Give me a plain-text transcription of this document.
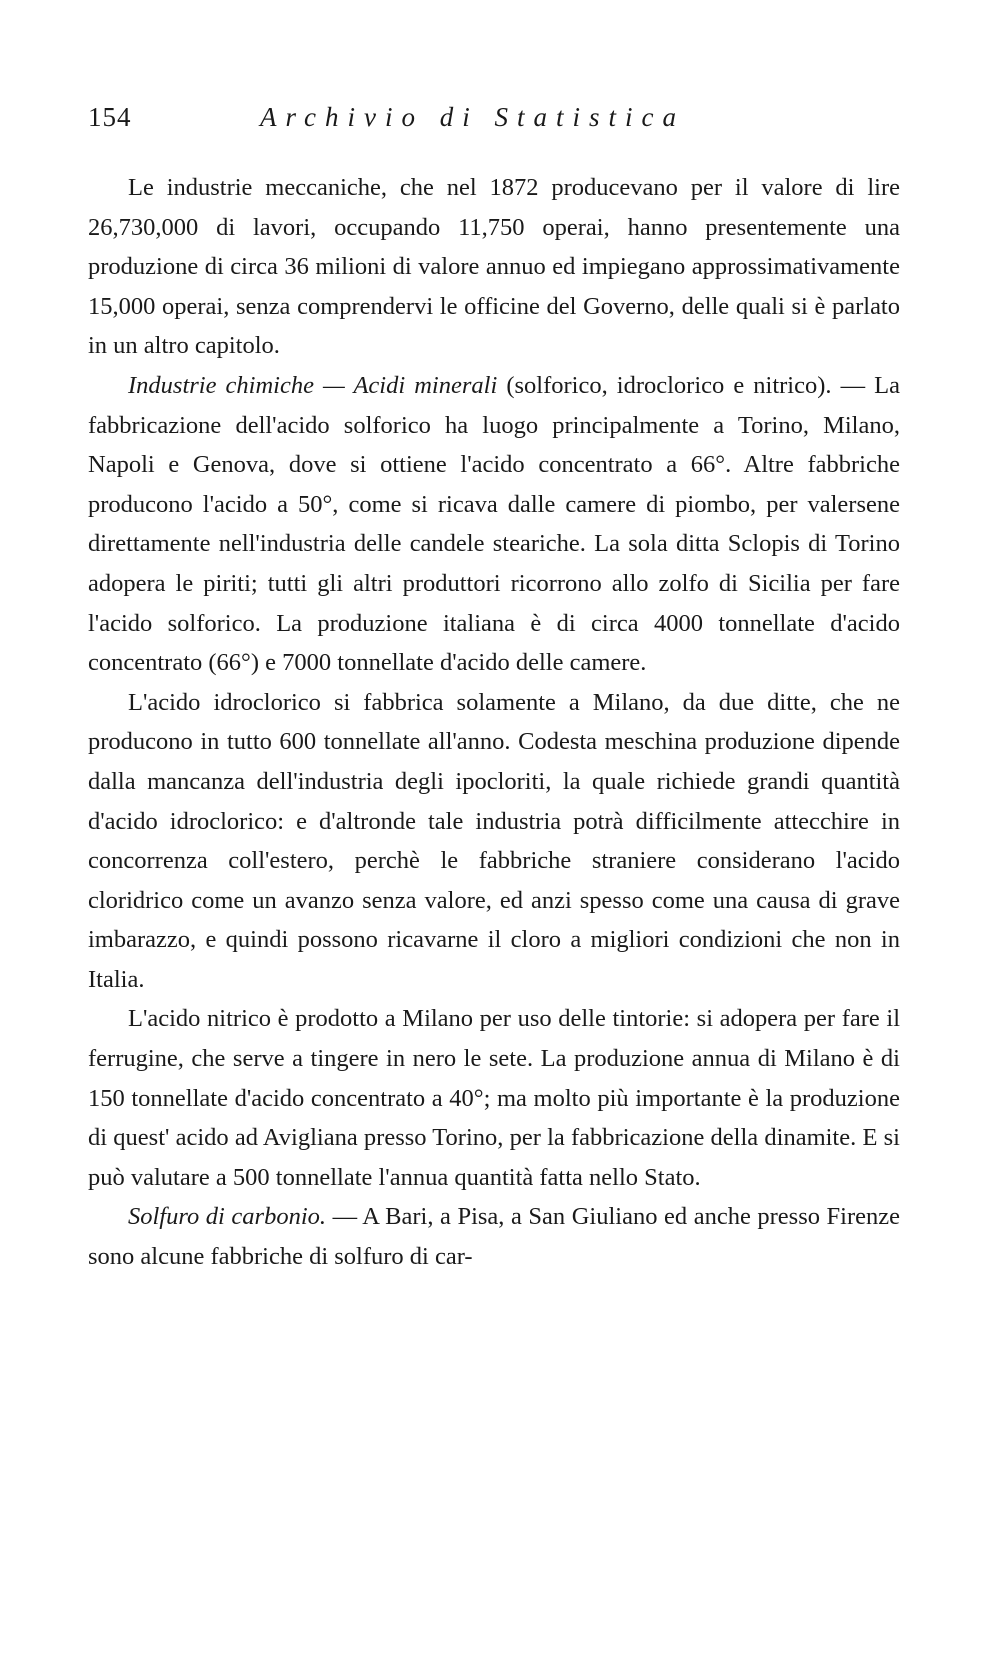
154	Archivio di Statistica

Le industrie meccaniche, che nel 1872 producevano per il valore di lire 26,730,000 di lavori, occupando 11,750 operai, hanno presentemente una produzione di circa 36 milioni di valore annuo ed impiegano approssimativamente 15,000 operai, senza comprendervi le officine del Governo, delle quali si è parlato in un altro capitolo.

Industrie chimiche — Acidi minerali (solforico, idroclorico e nitrico). — La fabbricazione dell'acido solforico ha luogo principalmente a Torino, Milano, Napoli e Genova, dove si ottiene l'acido concentrato a 66°. Altre fabbriche producono l'acido a 50°, come si ricava dalle camere di piombo, per valersene direttamente nell'industria delle candele steariche. La sola ditta Sclopis di Torino adopera le piriti; tutti gli altri produttori ricorrono allo zolfo di Sicilia per fare l'acido solforico. La produzione italiana è di circa 4000 tonnellate d'acido concentrato (66°) e 7000 tonnellate d'acido delle camere.

L'acido idroclorico si fabbrica solamente a Milano, da due ditte, che ne producono in tutto 600 tonnellate all'anno. Codesta meschina produzione dipende dalla mancanza dell'industria degli ipocloriti, la quale richiede grandi quantità d'acido idroclorico: e d'altronde tale industria potrà difficilmente attecchire in concorrenza coll'estero, perchè le fabbriche straniere considerano l'acido cloridrico come un avanzo senza valore, ed anzi spesso come una causa di grave imbarazzo, e quindi possono ricavarne il cloro a migliori condizioni che non in Italia.

L'acido nitrico è prodotto a Milano per uso delle tintorie: si adopera per fare il ferrugine, che serve a tingere in nero le sete. La produzione annua di Milano è di 150 tonnellate d'acido concentrato a 40°; ma molto più importante è la produzione di quest' acido ad Avigliana presso Torino, per la fabbricazione della dinamite. E si può valutare a 500 tonnellate l'annua quantità fatta nello Stato.

Solfuro di carbonio. — A Bari, a Pisa, a San Giuliano ed anche presso Firenze sono alcune fabbriche di solfuro di car-
